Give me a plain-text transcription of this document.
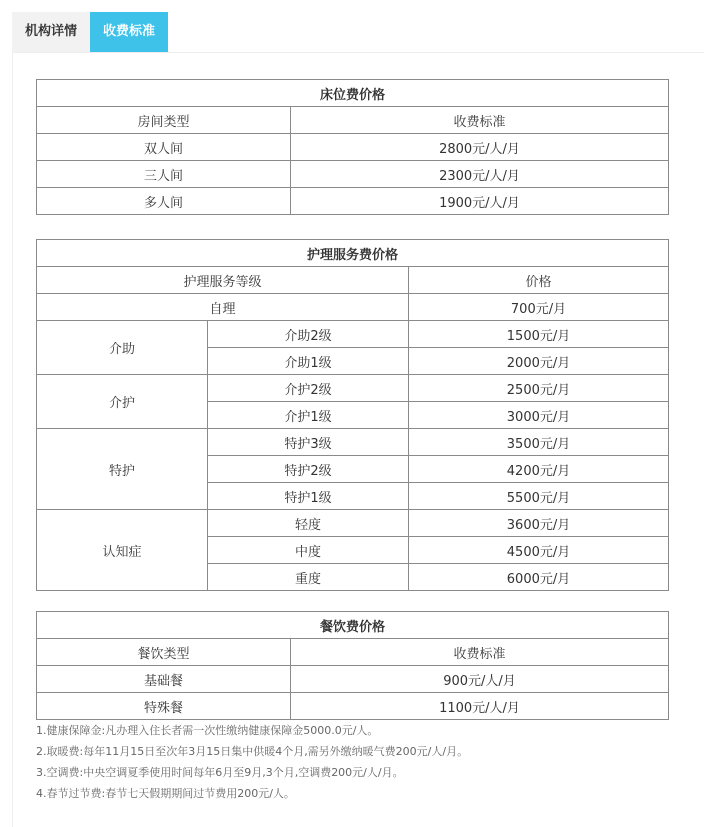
机构详情	收费标准
床位费价格	
房间类型	收费标准
双人间	2800元/人/月
三人间	2300元/人/月
多人间	1900元/人/月
护理服务费价格		
护理服务等级		价格
自理		700元/月
介助	介助2级	1500元/月
	介助1级	2000元/月
介护	介护2级	2500元/月
	介护1级	3000元/月
特护	特护3级	3500元/月
	特护2级	4200元/月
	特护1级	5500元/月
认知症	轻度	3600元/月
	中度	4500元/月
	重度	6000元/月
餐饮费价格	
餐饮类型	收费标准
基础餐	900元/人/月
特殊餐	1100元/人/月
1.健康保障金:凡办理入住长者需一次性缴纳健康保障金5000.0元/人。
2.取暖费:每年11月15日至次年3月15日集中供暖4个月,需另外缴纳暖气费200元/人/月。
3.空调费:中央空调夏季使用时间每年6月至9月,3个月,空调费200元/人/月。
4.春节过节费:春节七天假期期间过节费用200元/人。
